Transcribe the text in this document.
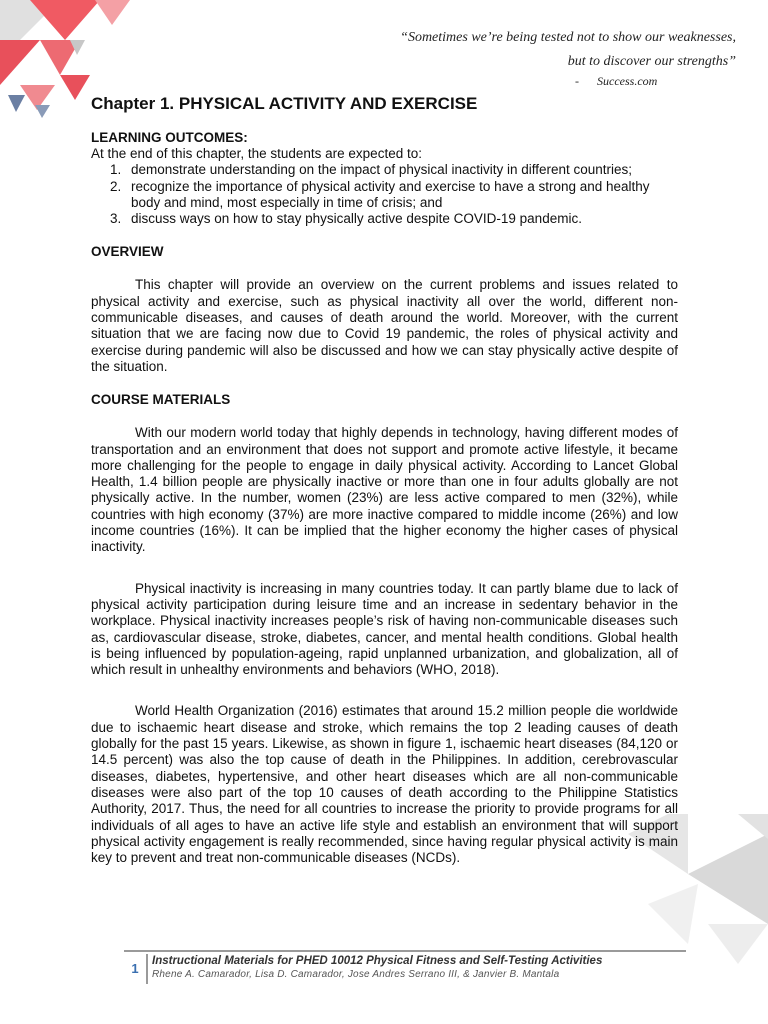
“Sometimes we’re being tested not to show our weaknesses,
but to discover our strengths”
- Success.com
Chapter 1. PHYSICAL ACTIVITY AND EXERCISE
LEARNING OUTCOMES:

At the end of this chapter, the students are expected to:

1. demonstrate understanding on the impact of physical inactivity in different countries;
2. recognize the importance of physical activity and exercise to have a strong and healthy body and mind, most especially in time of crisis; and
3. discuss ways on how to stay physically active despite COVID-19 pandemic.
OVERVIEW

This chapter will provide an overview on the current problems and issues related to physical activity and exercise, such as physical inactivity all over the world, different non-communicable diseases, and causes of death around the world. Moreover, with the current situation that we are facing now due to Covid 19 pandemic, the roles of physical activity and exercise during pandemic will also be discussed and how we can stay physically active despite of the situation.

COURSE MATERIALS

With our modern world today that highly depends in technology, having different modes of transportation and an environment that does not support and promote active lifestyle, it became more challenging for the people to engage in daily physical activity. According to Lancet Global Health, 1.4 billion people are physically inactive or more than one in four adults globally are not physically active. In the number, women (23%) are less active compared to men (32%), while countries with high economy (37%) are more inactive compared to middle income (26%) and low income countries (16%). It can be implied that the higher economy the higher cases of physical inactivity.

Physical inactivity is increasing in many countries today. It can partly blame due to lack of physical activity participation during leisure time and an increase in sedentary behavior in the workplace. Physical inactivity increases people’s risk of having non-communicable diseases such as, cardiovascular disease, stroke, diabetes, cancer, and mental health conditions. Global health is being influenced by population-ageing, rapid unplanned urbanization, and globalization, all of which result in unhealthy environments and behaviors (WHO, 2018).

World Health Organization (2016) estimates that around 15.2 million people die worldwide due to ischaemic heart disease and stroke, which remains the top 2 leading causes of death globally for the past 15 years. Likewise, as shown in figure 1, ischaemic heart diseases (84,120 or 14.5 percent) was also the top cause of death in the Philippines. In addition, cerebrovascular diseases, diabetes, hypertensive, and other heart diseases which are all non-communicable diseases were also part of the top 10 causes of death according to the Philippine Statistics Authority, 2017. Thus, the need for all countries to increase the priority to provide programs for all individuals of all ages to have an active life style and establish an environment that will support physical activity engagement is really recommended, since having regular physical activity is main key to prevent and treat non-communicable diseases (NCDs).

1	Instructional Materials for PHED 10012 Physical Fitness and Self-Testing Activities
Rhene A. Camarador, Lisa D. Camarador, Jose Andres Serrano III, & Janvier B. Mantala
